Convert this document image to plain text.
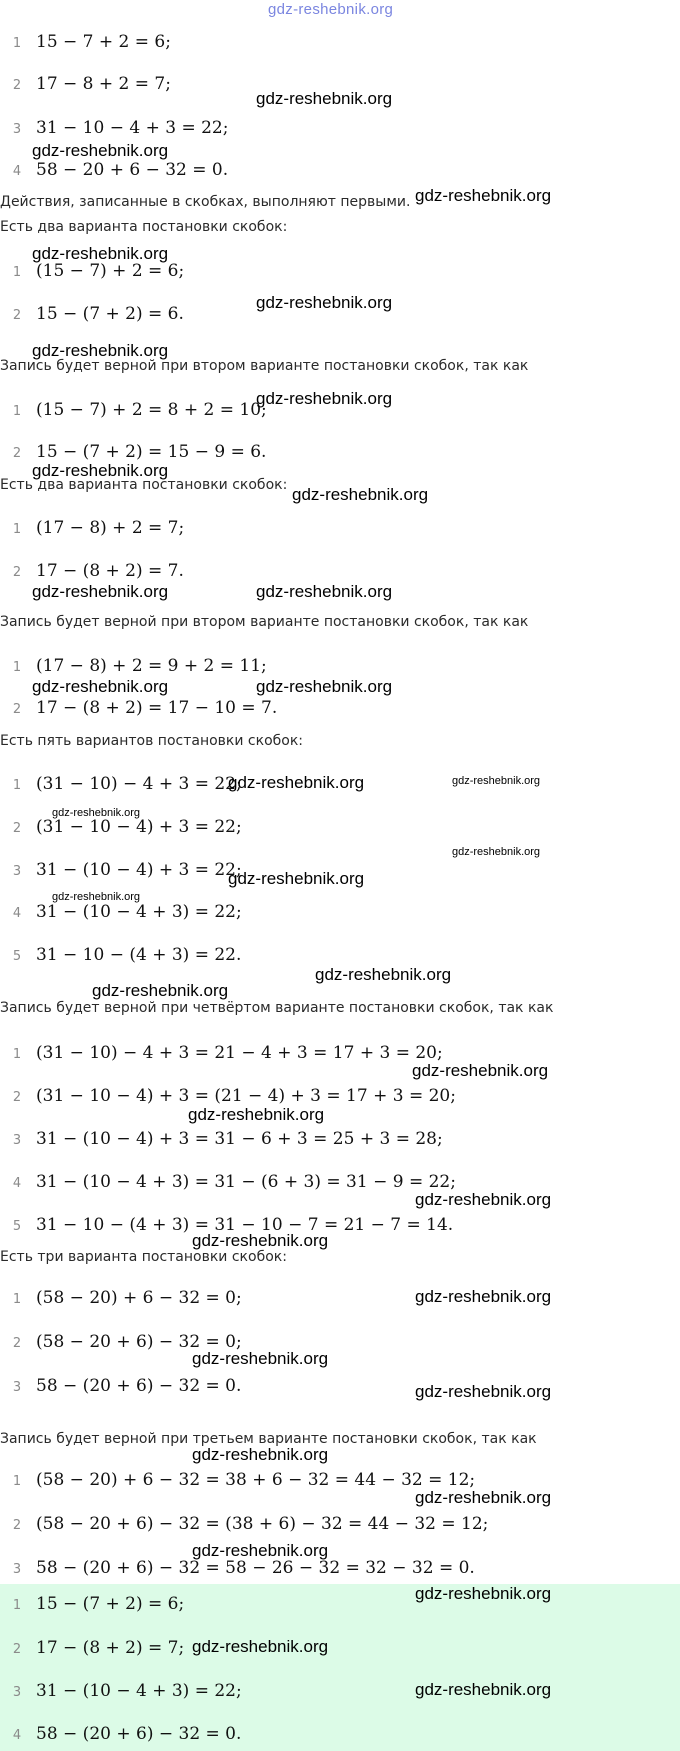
gdz-reshebnik.org
1 15 − 7 + 2 = 6;
2 17 − 8 + 2 = 7;
3 31 − 10 − 4 + 3 = 22;
4 58 − 20 + 6 − 32 = 0.
Действия, записанные в скобках, выполняют первыми.
Есть два варианта постановки скобок:
1 (15 − 7) + 2 = 6;
2 15 − (7 + 2) = 6.
Запись будет верной при втором варианте постановки скобок, так как
1 (15 − 7) + 2 = 8 + 2 = 10;
2 15 − (7 + 2) = 15 − 9 = 6.
Есть два варианта постановки скобок:
1 (17 − 8) + 2 = 7;
2 17 − (8 + 2) = 7.
Запись будет верной при втором варианте постановки скобок, так как
1 (17 − 8) + 2 = 9 + 2 = 11;
2 17 − (8 + 2) = 17 − 10 = 7.
Есть пять вариантов постановки скобок:
1 (31 − 10) − 4 + 3 = 22;
2 (31 − 10 − 4) + 3 = 22;
3 31 − (10 − 4) + 3 = 22;
4 31 − (10 − 4 + 3) = 22;
5 31 − 10 − (4 + 3) = 22.
Запись будет верной при четвёртом варианте постановки скобок, так как
1 (31 − 10) − 4 + 3 = 21 − 4 + 3 = 17 + 3 = 20;
2 (31 − 10 − 4) + 3 = (21 − 4) + 3 = 17 + 3 = 20;
3 31 − (10 − 4) + 3 = 31 − 6 + 3 = 25 + 3 = 28;
4 31 − (10 − 4 + 3) = 31 − (6 + 3) = 31 − 9 = 22;
5 31 − 10 − (4 + 3) = 31 − 10 − 7 = 21 − 7 = 14.
Есть три варианта постановки скобок:
1 (58 − 20) + 6 − 32 = 0;
2 (58 − 20 + 6) − 32 = 0;
3 58 − (20 + 6) − 32 = 0.
Запись будет верной при третьем варианте постановки скобок, так как
1 (58 − 20) + 6 − 32 = 38 + 6 − 32 = 44 − 32 = 12;
2 (58 − 20 + 6) − 32 = (38 + 6) − 32 = 44 − 32 = 12;
3 58 − (20 + 6) − 32 = 58 − 26 − 32 = 32 − 32 = 0.
1 15 − (7 + 2) = 6;
2 17 − (8 + 2) = 7;
3 31 − (10 − 4 + 3) = 22;
4 58 − (20 + 6) − 32 = 0.
gdz-reshebnik.org
gdz-reshebnik.org
gdz-reshebnik.org
gdz-reshebnik.org
gdz-reshebnik.org
gdz-reshebnik.org
gdz-reshebnik.org
gdz-reshebnik.org
gdz-reshebnik.org
gdz-reshebnik.org	gdz-reshebnik.org
gdz-reshebnik.org	gdz-reshebnik.org
gdz-reshebnik.org	gdz-reshebnik.org
gdz-reshebnik.org
gdz-reshebnik.org
gdz-reshebnik.org
gdz-reshebnik.org
gdz-reshebnik.org
gdz-reshebnik.org
gdz-reshebnik.org
gdz-reshebnik.org
gdz-reshebnik.org
gdz-reshebnik.org
gdz-reshebnik.org
gdz-reshebnik.org
gdz-reshebnik.org
gdz-reshebnik.org
gdz-reshebnik.org
gdz-reshebnik.org
gdz-reshebnik.org
gdz-reshebnik.org
gdz-reshebnik.org
